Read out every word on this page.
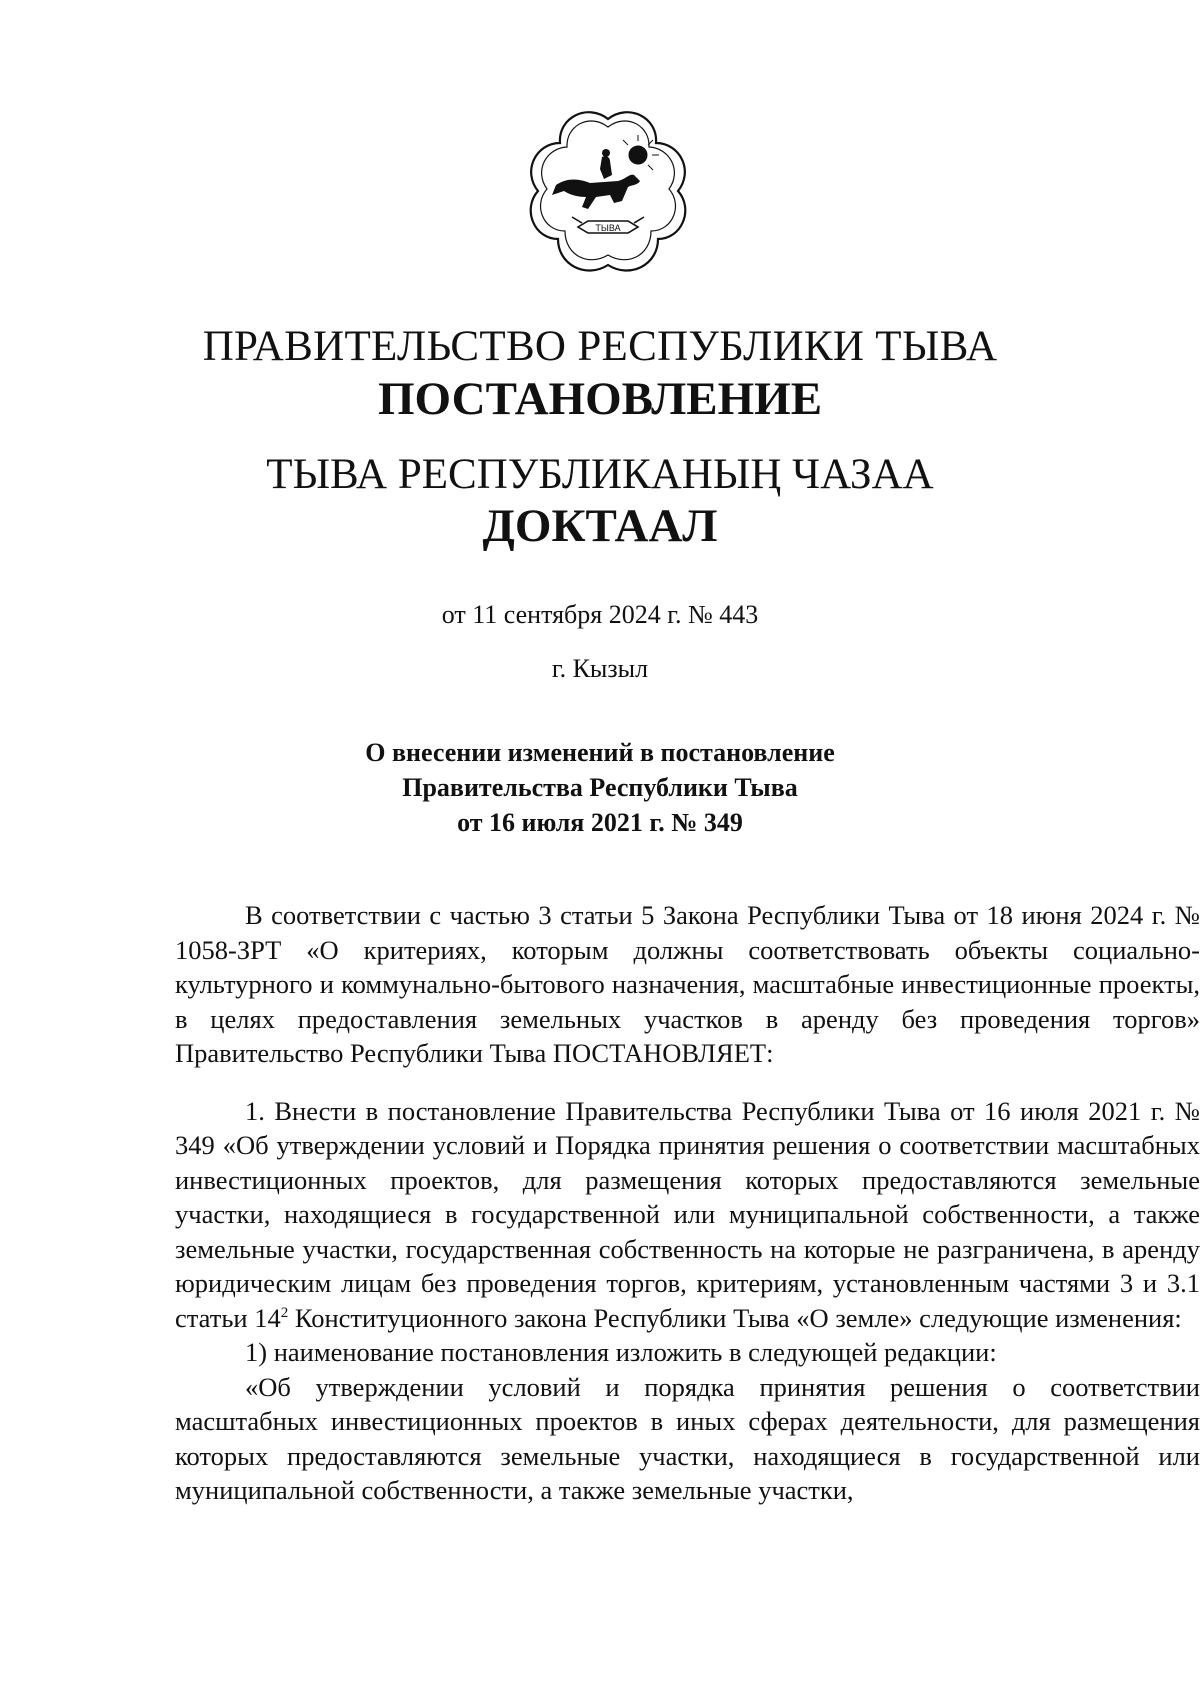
ТЫВА
ПРАВИТЕЛЬСТВО РЕСПУБЛИКИ ТЫВА
ПОСТАНОВЛЕНИЕ
ТЫВА РЕСПУБЛИКАНЫҢ ЧАЗАА
ДОКТААЛ
от 11 сентября 2024 г. № 443
г. Кызыл
О внесении изменений в постановление
Правительства Республики Тыва
от 16 июля 2021 г. № 349

В соответствии с частью 3 статьи 5 Закона Республики Тыва от 18 июня 2024 г. № 1058-ЗРТ «О критериях, которым должны соответствовать объекты социально-культурного и коммунально-бытового назначения, масштабные инвестиционные проекты, в целях предоставления земельных участков в аренду без проведения торгов» Правительство Республики Тыва ПОСТАНОВЛЯЕТ:

1. Внести в постановление Правительства Республики Тыва от 16 июля 2021 г. № 349 «Об утверждении условий и Порядка принятия решения о соответствии масштабных инвестиционных проектов, для размещения которых предоставляются земельные участки, находящиеся в государственной или муниципальной собственности, а также земельные участки, государственная собственность на которые не разграничена, в аренду юридическим лицам без проведения торгов, критериям, установленным частями 3 и 3.1 статьи $14^2$ Конституционного закона Республики Тыва «О земле» следующие изменения:

1) наименование постановления изложить в следующей редакции:

«Об утверждении условий и порядка принятия решения о соответствии масштабных инвестиционных проектов в иных сферах деятельности, для размещения которых предоставляются земельные участки, находящиеся в государственной или муниципальной собственности, а также земельные участки,
